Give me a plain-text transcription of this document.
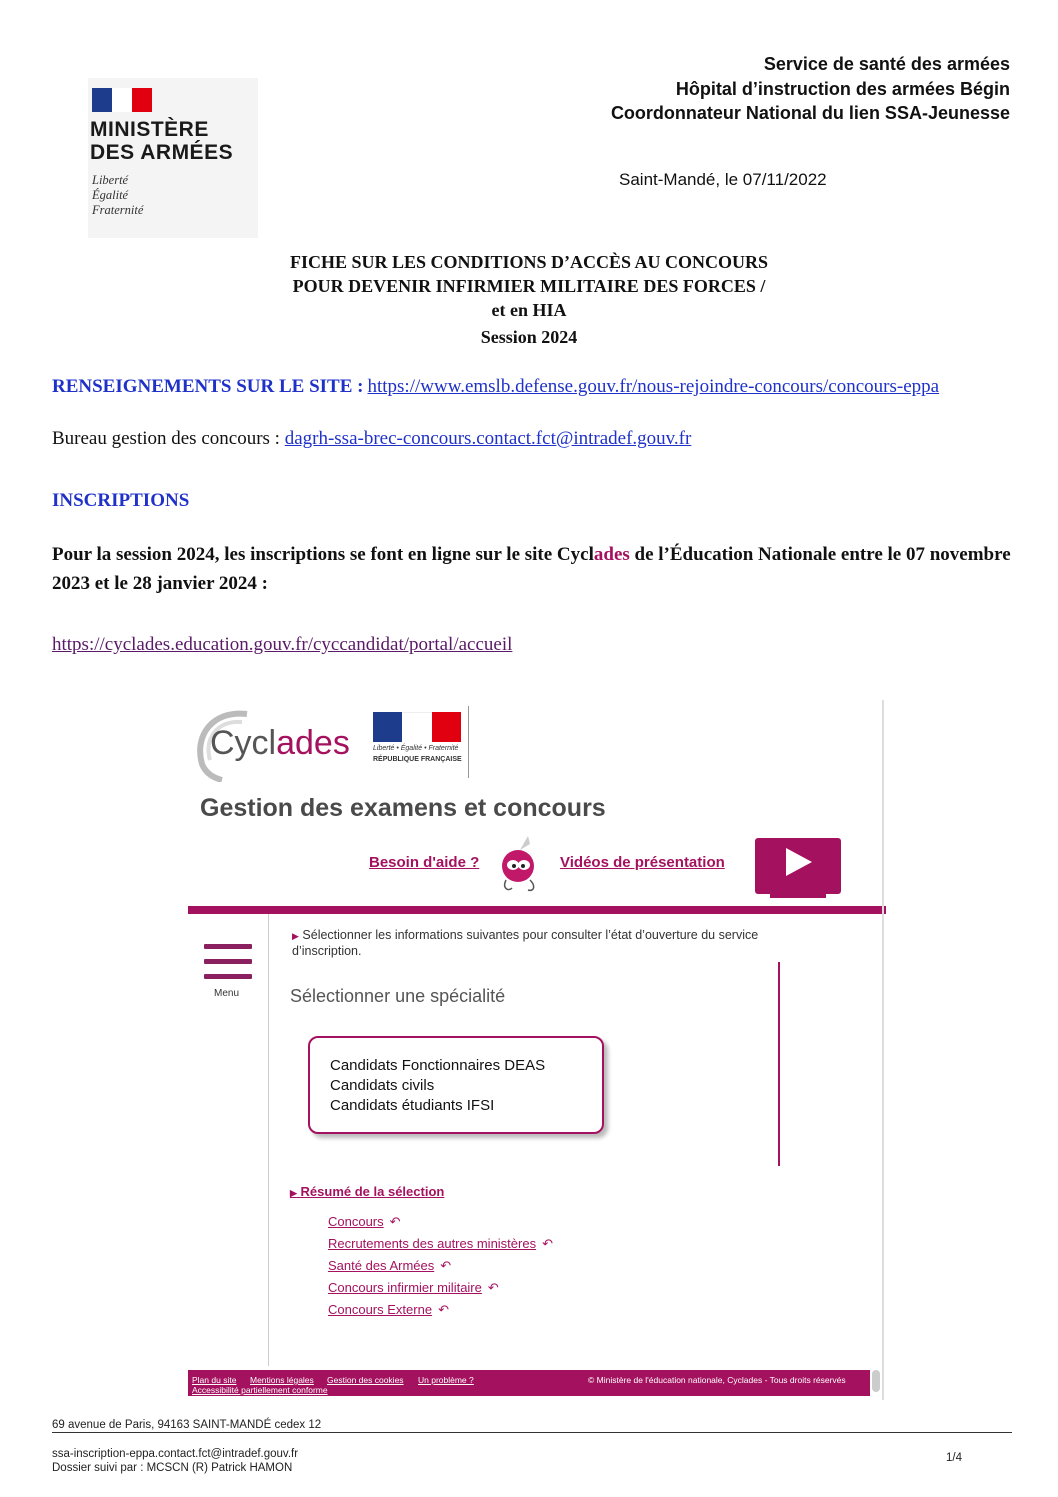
MINISTÈRE
DES ARMÉES
Liberté
Égalité
Fraternité
Service de santé des armées
Hôpital d’instruction des armées Bégin
Coordonnateur National du lien SSA-Jeunesse
Saint-Mandé, le 07/11/2022
FICHE SUR LES CONDITIONS D’ACCÈS AU CONCOURS
POUR DEVENIR INFIRMIER MILITAIRE DES FORCES /
et en HIA
Session 2024
RENSEIGNEMENTS SUR LE SITE : https://www.emslb.defense.gouv.fr/nous-rejoindre-concours/concours-eppa
Bureau gestion des concours : dagrh-ssa-brec-concours.contact.fct@intradef.gouv.fr
INSCRIPTIONS
Pour la session 2024, les inscriptions se font en ligne sur le site Cyclades de l’Éducation Nationale entre le 07 novembre 2023 et le 28 janvier 2024 :
https://cyclades.education.gouv.fr/cyccandidat/portal/accueil
Cyclades	Liberté • Égalité • Fraternité
RÉPUBLIQUE FRANÇAISE
Gestion des examens et concours
Besoin d'aide ?	Vidéos de présentation
Menu
▶ Sélectionner les informations suivantes pour consulter l’état d’ouverture du service d’inscription.
Sélectionner une spécialité
Candidats Fonctionnaires DEAS
Candidats civils
Candidats étudiants IFSI
▶ Résumé de la sélection
Concours ↶
Recrutements des autres ministères ↶
Santé des Armées ↶
Concours infirmier militaire ↶
Concours Externe ↶
Plan du site Mentions légales Gestion des cookies Un problème ?
Accessibilité partiellement conforme
© Ministère de l'éducation nationale, Cyclades - Tous droits réservés
69 avenue de Paris, 94163 SAINT-MANDÉ cedex 12
ssa-inscription-eppa.contact.fct@intradef.gouv.fr
Dossier suivi par : MCSCN (R) Patrick HAMON
1/4
